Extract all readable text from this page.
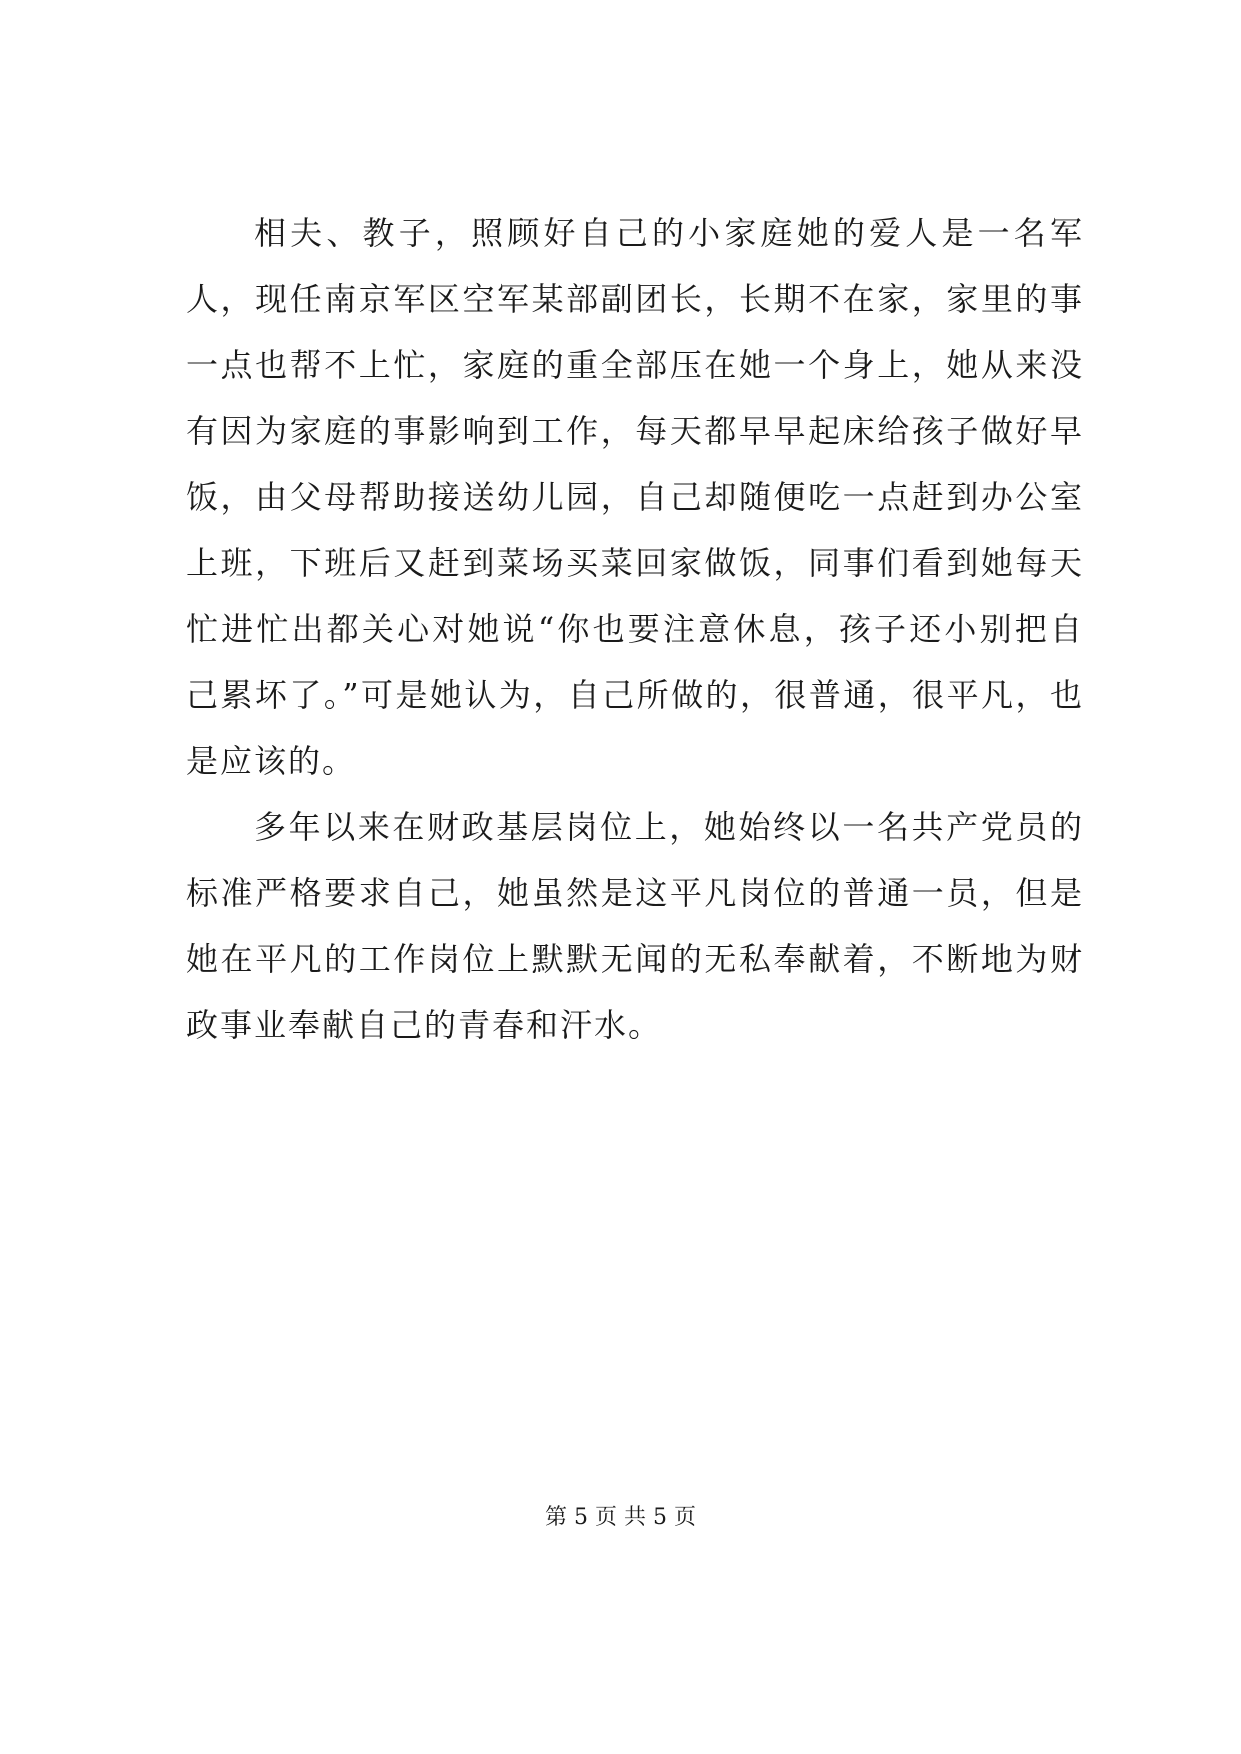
相夫、教子，照顾好自己的小家庭她的爱人是一名军人，现任南京军区空军某部副团长，长期不在家，家里的事一点也帮不上忙，家庭的重全部压在她一个身上，她从来没有因为家庭的事影响到工作，每天都早早起床给孩子做好早饭，由父母帮助接送幼儿园，自己却随便吃一点赶到办公室上班，下班后又赶到菜场买菜回家做饭，同事们看到她每天忙进忙出都关心对她说“你也要注意休息，孩子还小别把自己累坏了。”可是她认为，自己所做的，很普通，很平凡，也是应该的。

多年以来在财政基层岗位上，她始终以一名共产党员的标准严格要求自己，她虽然是这平凡岗位的普通一员，但是她在平凡的工作岗位上默默无闻的无私奉献着，不断地为财政事业奉献自己的青春和汗水。

第 5 页 共 5 页
